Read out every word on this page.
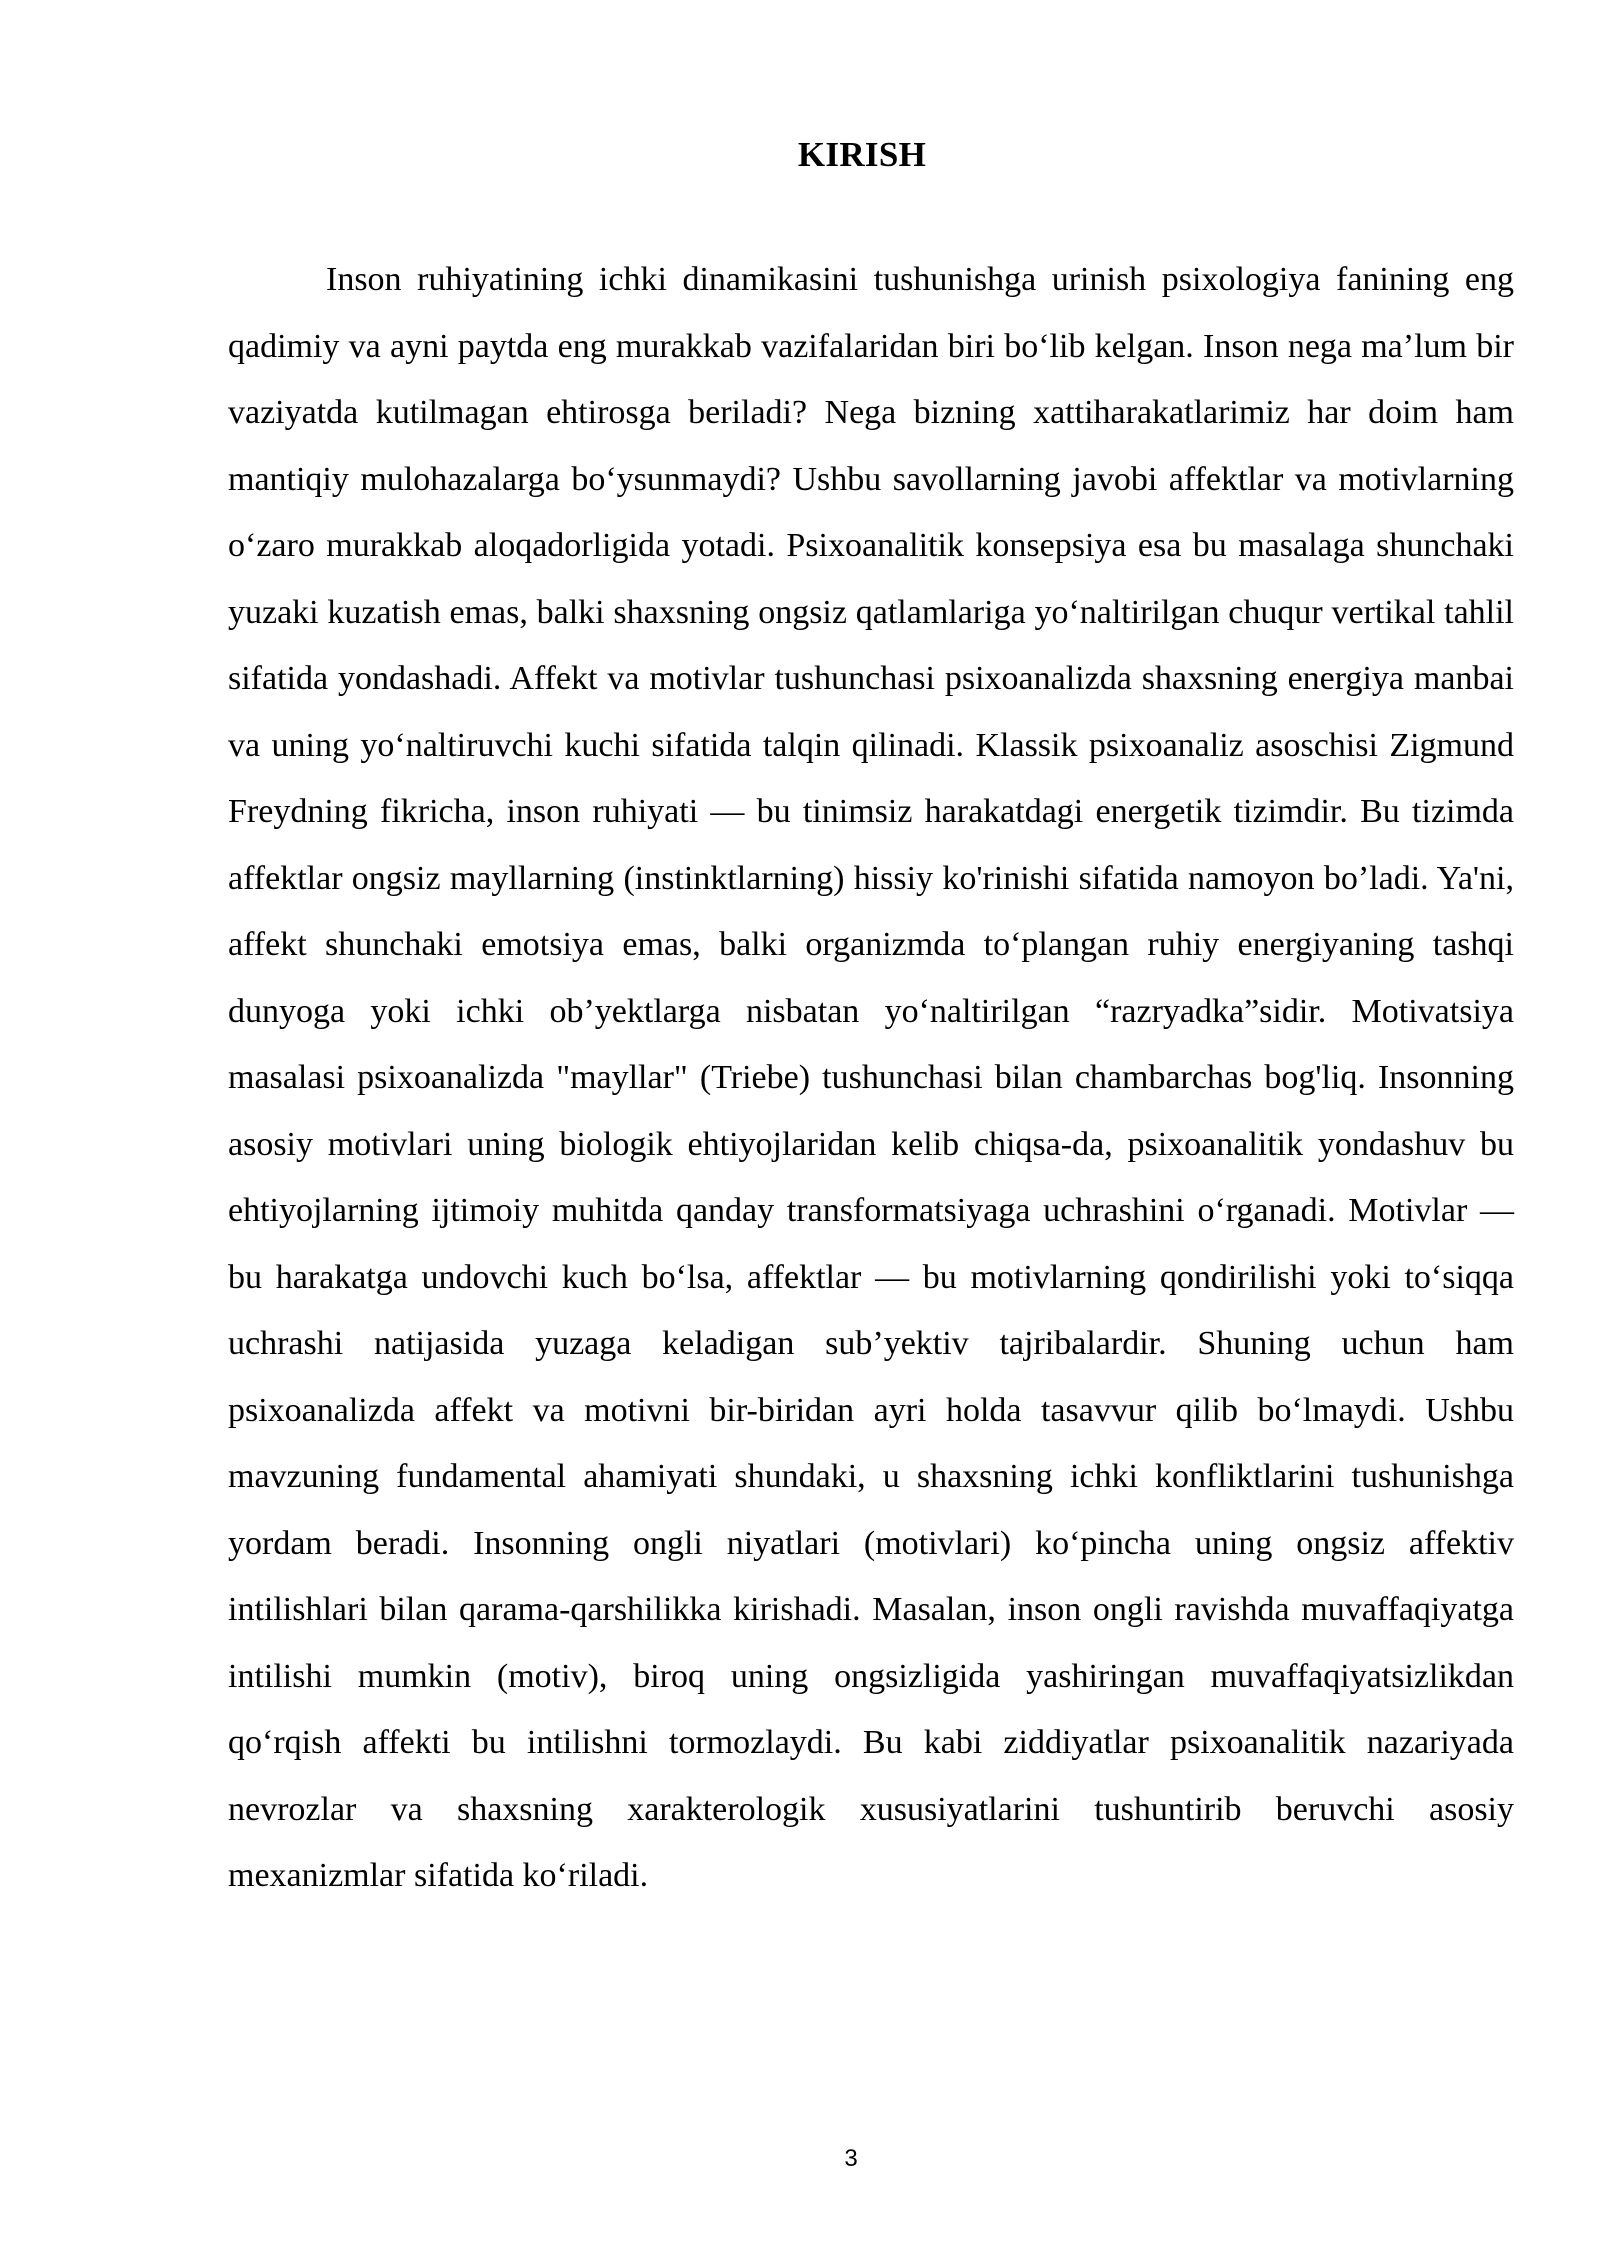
KIRISH

Inson ruhiyatining ichki dinamikasini tushunishga urinish psixologiya fanining eng qadimiy va ayni paytda eng murakkab vazifalaridan biri bo‘lib kelgan. Inson nega ma’lum bir vaziyatda kutilmagan ehtirosga beriladi? Nega bizning xattiharakatlarimiz har doim ham mantiqiy mulohazalarga bo‘ysunmaydi? Ushbu savollarning javobi affektlar va motivlarning o‘zaro murakkab aloqadorligida yotadi. Psixoanalitik konsepsiya esa bu masalaga shunchaki yuzaki kuzatish emas, balki shaxsning ongsiz qatlamlariga yo‘naltirilgan chuqur vertikal tahlil sifatida yondashadi. Affekt va motivlar tushunchasi psixoanalizda shaxsning energiya manbai va uning yo‘naltiruvchi kuchi sifatida talqin qilinadi. Klassik psixoanaliz asoschisi Zigmund Freydning fikricha, inson ruhiyati — bu tinimsiz harakatdagi energetik tizimdir. Bu tizimda affektlar ongsiz mayllarning (instinktlarning) hissiy ko'rinishi sifatida namoyon bo’ladi. Ya'ni, affekt shunchaki emotsiya emas, balki organizmda to‘plangan ruhiy energiyaning tashqi dunyoga yoki ichki ob’yektlarga nisbatan yo‘naltirilgan “razryadka”sidir. Motivatsiya masalasi psixoanalizda "mayllar" (Triebe) tushunchasi bilan chambarchas bog'liq. Insonning asosiy motivlari uning biologik ehtiyojlaridan kelib chiqsa-da, psixoanalitik yondashuv bu ehtiyojlarning ijtimoiy muhitda qanday transformatsiyaga uchrashini o‘rganadi. Motivlar — bu harakatga undovchi kuch bo‘lsa, affektlar — bu motivlarning qondirilishi yoki to‘siqqa uchrashi natijasida yuzaga keladigan sub’yektiv tajribalardir. Shuning uchun ham psixoanalizda affekt va motivni bir-biridan ayri holda tasavvur qilib bo‘lmaydi. Ushbu mavzuning fundamental ahamiyati shundaki, u shaxsning ichki konfliktlarini tushunishga yordam beradi. Insonning ongli niyatlari (motivlari) ko‘pincha uning ongsiz affektiv intilishlari bilan qarama-qarshilikka kirishadi. Masalan, inson ongli ravishda muvaffaqiyatga intilishi mumkin (motiv), biroq uning ongsizligida yashiringan muvaffaqiyatsizlikdan qo‘rqish affekti bu intilishni tormozlaydi. Bu kabi ziddiyatlar psixoanalitik nazariyada nevrozlar va shaxsning xarakterologik xususiyatlarini tushuntirib beruvchi asosiy mexanizmlar sifatida ko‘riladi.

3
